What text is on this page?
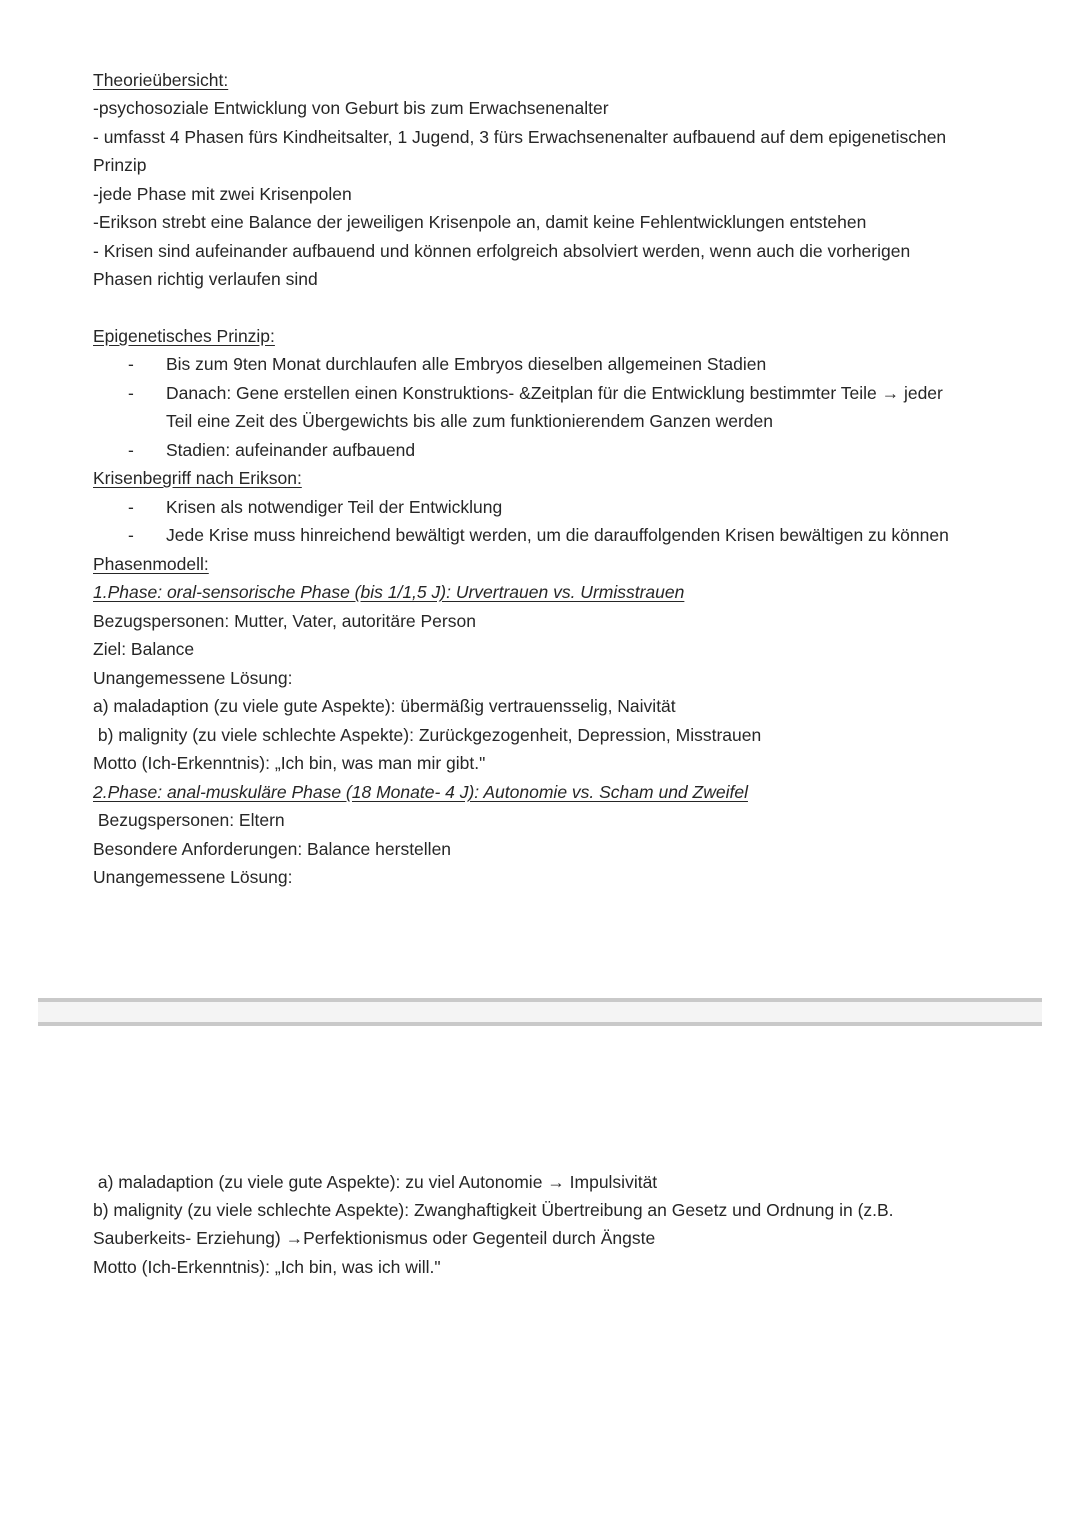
Theorieübersicht:
-psychosoziale Entwicklung von Geburt bis zum Erwachsenenalter
- umfasst 4 Phasen fürs Kindheitsalter, 1 Jugend, 3 fürs Erwachsenenalter aufbauend auf dem epigenetischen
Prinzip
-jede Phase mit zwei Krisenpolen
-Erikson strebt eine Balance der jeweiligen Krisenpole an, damit keine Fehlentwicklungen entstehen
- Krisen sind aufeinander aufbauend und können erfolgreich absolviert werden, wenn auch die vorherigen
Phasen richtig verlaufen sind
Epigenetisches Prinzip:
- Bis zum 9ten Monat durchlaufen alle Embryos dieselben allgemeinen Stadien
- Danach: Gene erstellen einen Konstruktions- &Zeitplan für die Entwicklung bestimmter Teile → jeder
Teil eine Zeit des Übergewichts bis alle zum funktionierendem Ganzen werden
- Stadien: aufeinander aufbauend
Krisenbegriff nach Erikson:
- Krisen als notwendiger Teil der Entwicklung
- Jede Krise muss hinreichend bewältigt werden, um die darauffolgenden Krisen bewältigen zu können
Phasenmodell:
1.Phase: oral-sensorische Phase (bis 1/1,5 J): Urvertrauen vs. Urmisstrauen
Bezugspersonen: Mutter, Vater, autoritäre Person
Ziel: Balance
Unangemessene Lösung:
a) maladaption (zu viele gute Aspekte): übermäßig vertrauensselig, Naivität
b) malignity (zu viele schlechte Aspekte): Zurückgezogenheit, Depression, Misstrauen
Motto (Ich-Erkenntnis): „Ich bin, was man mir gibt."
2.Phase: anal-muskuläre Phase (18 Monate- 4 J): Autonomie vs. Scham und Zweifel
Bezugspersonen: Eltern
Besondere Anforderungen: Balance herstellen
Unangemessene Lösung:
a) maladaption (zu viele gute Aspekte): zu viel Autonomie → Impulsivität
b) malignity (zu viele schlechte Aspekte): Zwanghaftigkeit Übertreibung an Gesetz und Ordnung in (z.B.
Sauberkeits- Erziehung) →Perfektionismus oder Gegenteil durch Ängste
Motto (Ich-Erkenntnis): „Ich bin, was ich will."
